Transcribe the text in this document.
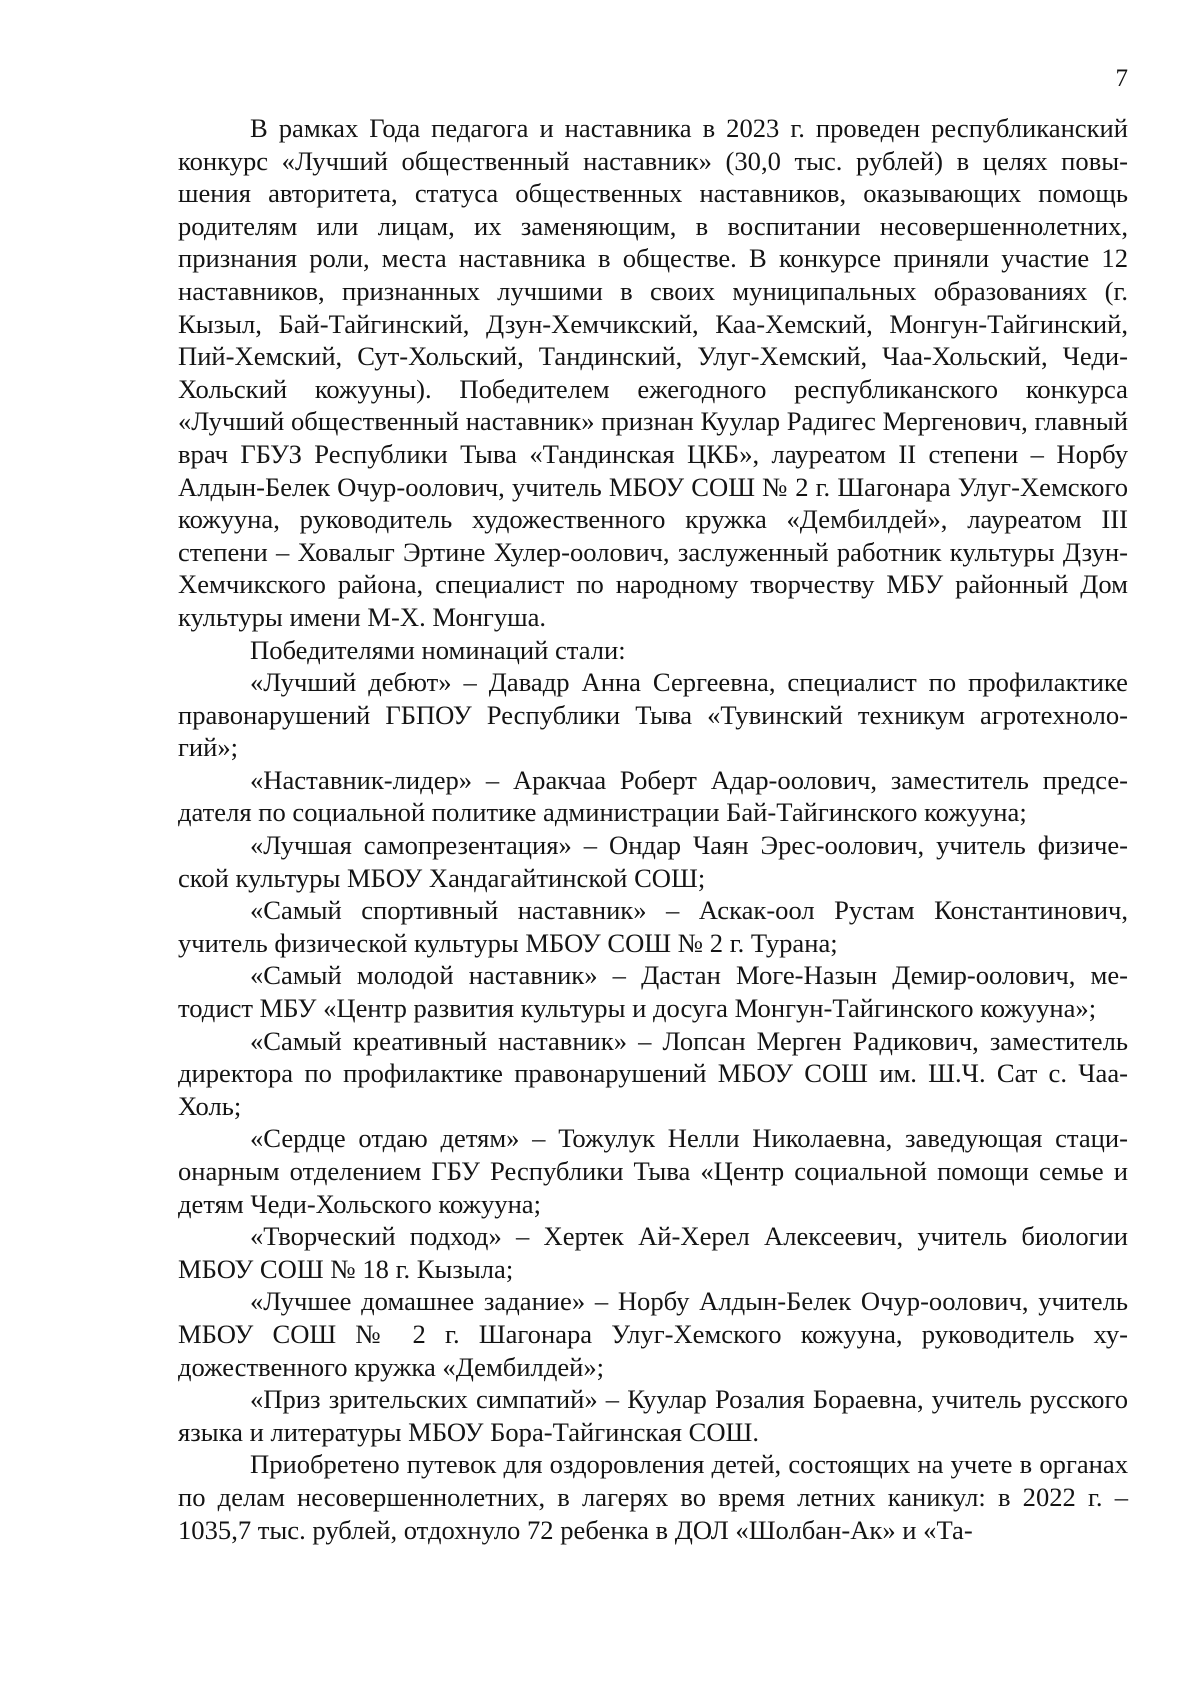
7

В рамках Года педагога и наставника в 2023 г. проведен республиканский конкурс «Лучший общественный наставник» (30,0 тыс. рублей) в целях повышения авторитета, статуса общественных наставников, оказывающих помощь родителям или лицам, их заменяющим, в воспитании несовершеннолетних, признания роли, места наставника в обществе. В конкурсе приняли участие 12 наставников, признанных лучшими в своих муниципальных образованиях (г. Кызыл, Бай-Тайгинский, Дзун-Хемчикский, Каа-Хемский, Монгун-Тайгинский, Пий-Хемский, Сут-Хольский, Тандинский, Улуг-Хемский, Чаа-Хольский, Чеди-Хольский кожууны). Победителем ежегодного республиканского конкурса «Лучший общественный наставник» признан Куулар Радигес Мергенович, главный врач ГБУЗ Республики Тыва «Тандинская ЦКБ», лауреатом II степени – Норбу Алдын-Белек Очур-оолович, учитель МБОУ СОШ № 2 г. Шагонара Улуг-Хемского кожууна, руководитель художественного кружка «Дембилдей», лауреатом III степени – Ховалыг Эртине Хулер-оолович, заслуженный работник культуры Дзун-Хемчикского района, специалист по народному творчеству МБУ районный Дом культуры имени М-Х. Монгуша.

Победителями номинаций стали:

«Лучший дебют» – Давадр Анна Сергеевна, специалист по профилактике правонарушений ГБПОУ Республики Тыва «Тувинский техникум агротехнологий»;

«Наставник-лидер» – Аракчаа Роберт Адар-оолович, заместитель председателя по социальной политике администрации Бай-Тайгинского кожууна;

«Лучшая самопрезентация» – Ондар Чаян Эрес-оолович, учитель физической культуры МБОУ Хандагайтинской СОШ;

«Самый спортивный наставник» – Аскак-оол Рустам Константинович, учитель физической культуры МБОУ СОШ № 2 г. Турана;

«Самый молодой наставник» – Дастан Моге-Назын Демир-оолович, методист МБУ «Центр развития культуры и досуга Монгун-Тайгинского кожууна»;

«Самый креативный наставник» – Лопсан Мерген Радикович, заместитель директора по профилактике правонарушений МБОУ СОШ им. Ш.Ч. Сат с. Чаа-Холь;

«Сердце отдаю детям» – Тожулук Нелли Николаевна, заведующая стационарным отделением ГБУ Республики Тыва «Центр социальной помощи семье и детям Чеди-Хольского кожууна;

«Творческий подход» – Хертек Ай-Херел Алексеевич, учитель биологии МБОУ СОШ № 18 г. Кызыла;

«Лучшее домашнее задание» – Норбу Алдын-Белек Очур-оолович, учитель МБОУ СОШ № 2 г. Шагонара Улуг-Хемского кожууна, руководитель художественного кружка «Дембилдей»;

«Приз зрительских симпатий» – Куулар Розалия Бораевна, учитель русского языка и литературы МБОУ Бора-Тайгинская СОШ.

Приобретено путевок для оздоровления детей, состоящих на учете в органах по делам несовершеннолетних, в лагерях во время летних каникул: в 2022 г. – 1035,7 тыс. рублей, отдохнуло 72 ребенка в ДОЛ «Шолбан-Ак» и «Та-
